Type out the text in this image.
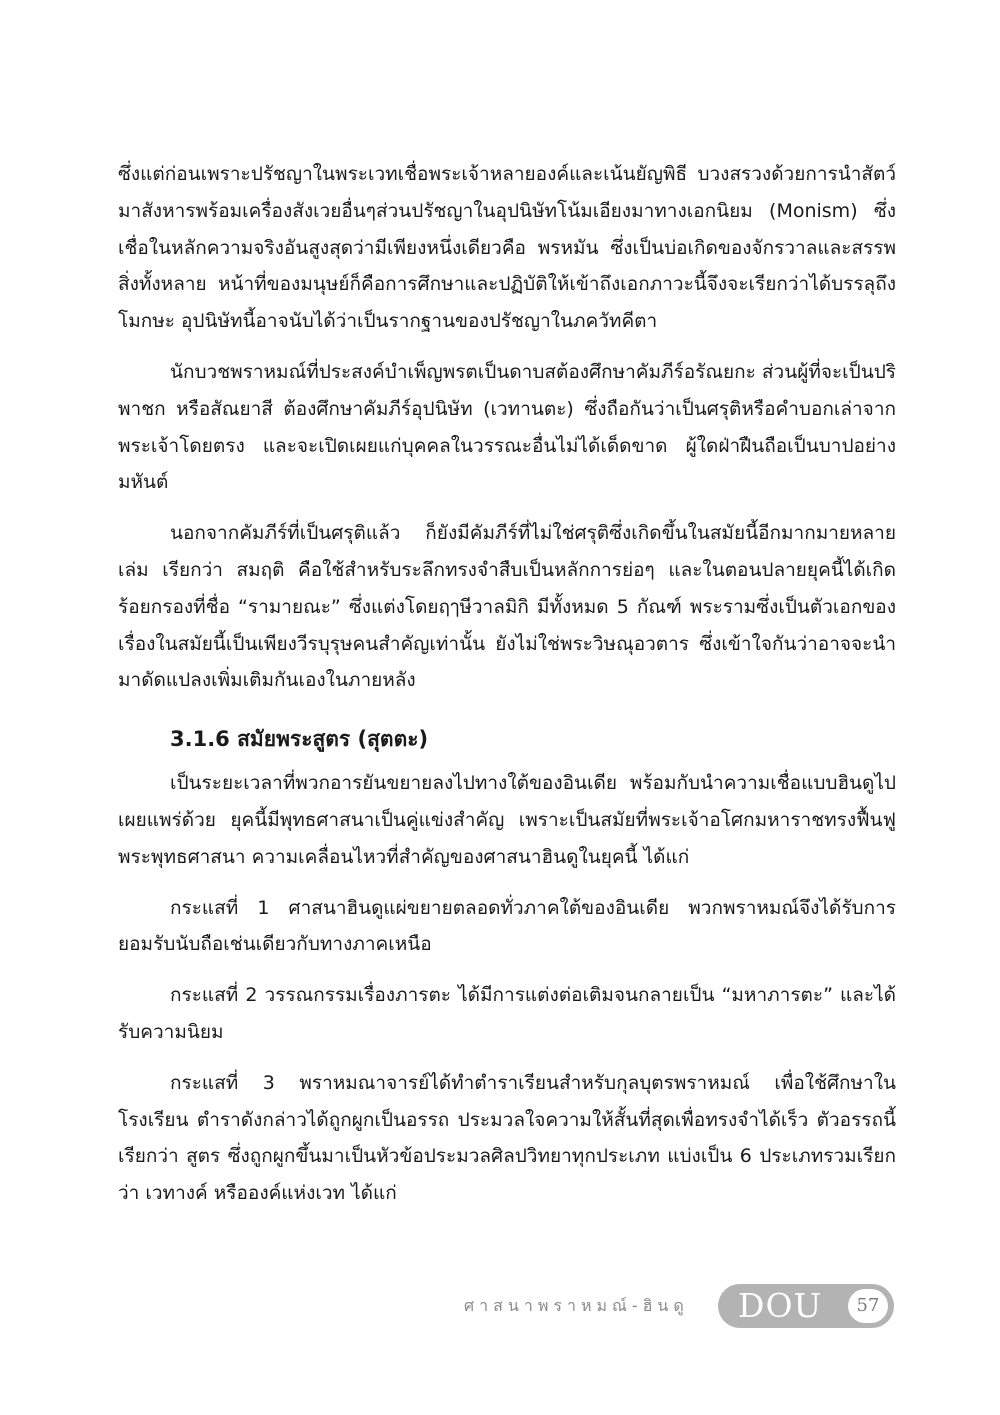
ซึ่งแต่ก่อนเพราะปรัชญาในพระเวทเชื่อพระเจ้าหลายองค์และเน้นยัญพิธี บวงสรวงด้วยการนำสัตว์มาสังหารพร้อมเครื่องสังเวยอื่นๆส่วนปรัชญาในอุปนิษัทโน้มเอียงมาทางเอกนิยม (Monism) ซึ่งเชื่อในหลักความจริงอันสูงสุดว่ามีเพียงหนึ่งเดียวคือ พรหมัน ซึ่งเป็นบ่อเกิดของจักรวาลและสรรพสิ่งทั้งหลาย หน้าที่ของมนุษย์ก็คือการศึกษาและปฏิบัติให้เข้าถึงเอกภาวะนี้จึงจะเรียกว่าได้บรรลุถึงโมกษะ อุปนิษัทนี้อาจนับได้ว่าเป็นรากฐานของปรัชญาในภควัทคีตา

นักบวชพราหมณ์ที่ประสงค์บำเพ็ญพรตเป็นดาบสต้องศึกษาคัมภีร์อรัณยกะ ส่วนผู้ที่จะเป็นปริพาชก หรือสัณยาสี ต้องศึกษาคัมภีร์อุปนิษัท (เวทานตะ) ซึ่งถือกันว่าเป็นศรุติหรือคำบอกเล่าจากพระเจ้าโดยตรง และจะเปิดเผยแก่บุคคลในวรรณะอื่นไม่ได้เด็ดขาด ผู้ใดฝ่าฝืนถือเป็นบาปอย่างมหันต์

นอกจากคัมภีร์ที่เป็นศรุติแล้ว ก็ยังมีคัมภีร์ที่ไม่ใช่ศรุติซึ่งเกิดขึ้นในสมัยนี้อีกมากมายหลายเล่ม เรียกว่า สมฤติ คือใช้สำหรับระลึกทรงจำสืบเป็นหลักการย่อๆ และในตอนปลายยุคนี้ได้เกิดร้อยกรองที่ชื่อ “รามายณะ” ซึ่งแต่งโดยฤๅษีวาลมิกิ มีทั้งหมด 5 กัณฑ์ พระรามซึ่งเป็นตัวเอกของเรื่องในสมัยนี้เป็นเพียงวีรบุรุษคนสำคัญเท่านั้น ยังไม่ใช่พระวิษณุอวตาร ซึ่งเข้าใจกันว่าอาจจะนำมาดัดแปลงเพิ่มเติมกันเองในภายหลัง

3.1.6 สมัยพระสูตร (สุตตะ)

เป็นระยะเวลาที่พวกอารยันขยายลงไปทางใต้ของอินเดีย พร้อมกับนำความเชื่อแบบฮินดูไปเผยแพร่ด้วย ยุคนี้มีพุทธศาสนาเป็นคู่แข่งสำคัญ เพราะเป็นสมัยที่พระเจ้าอโศกมหาราชทรงฟื้นฟูพระพุทธศาสนา ความเคลื่อนไหวที่สำคัญของศาสนาฮินดูในยุคนี้ ได้แก่

กระแสที่ 1 ศาสนาฮินดูแผ่ขยายตลอดทั่วภาคใต้ของอินเดีย พวกพราหมณ์จึงได้รับการยอมรับนับถือเช่นเดียวกับทางภาคเหนือ

กระแสที่ 2 วรรณกรรมเรื่องภารตะ ได้มีการแต่งต่อเติมจนกลายเป็น “มหาภารตะ” และได้รับความนิยม

กระแสที่ 3 พราหมณาจารย์ได้ทำตำราเรียนสำหรับกุลบุตรพราหมณ์ เพื่อใช้ศึกษาในโรงเรียน ตำราดังกล่าวได้ถูกผูกเป็นอรรถ ประมวลใจความให้สั้นที่สุดเพื่อทรงจำได้เร็ว ตัวอรรถนี้เรียกว่า สูตร ซึ่งถูกผูกขึ้นมาเป็นหัวข้อประมวลศิลปวิทยาทุกประเภท แบ่งเป็น 6 ประเภทรวมเรียกว่า เวทางค์ หรือองค์แห่งเวท ได้แก่

ศาสนาพราหมณ์-ฮินดู DOU	57
